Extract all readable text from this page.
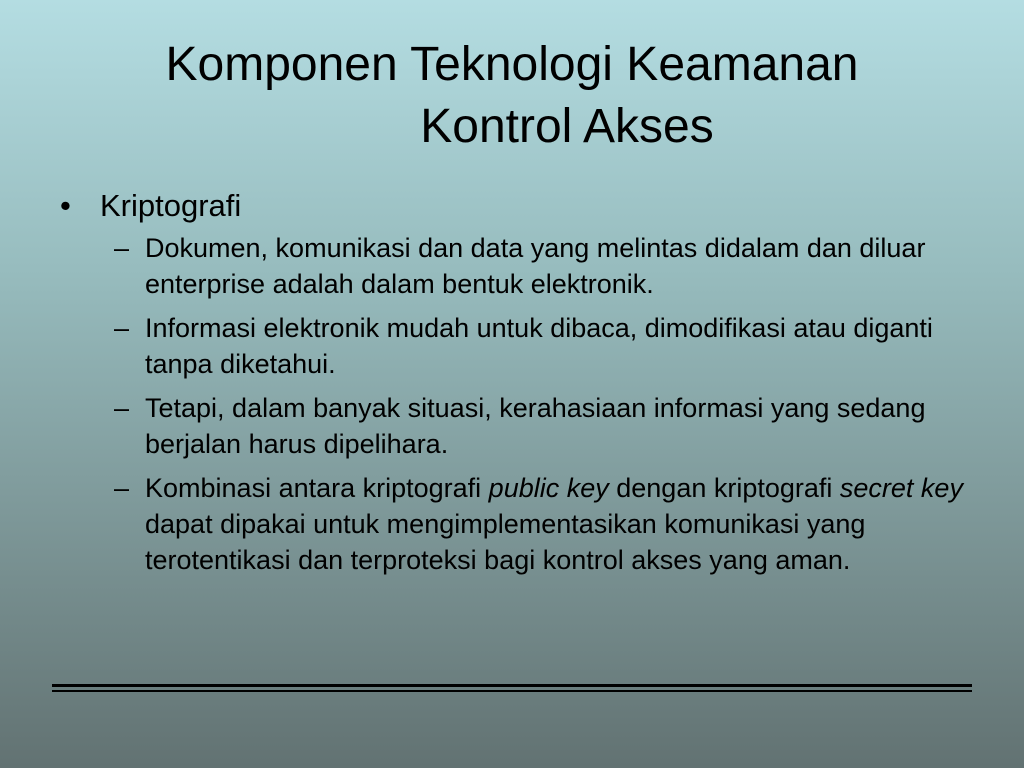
Komponen Teknologi Keamanan
Kontrol Akses
• Kriptografi
– Dokumen, komunikasi dan data yang melintas didalam dan diluar enterprise adalah dalam bentuk elektronik.
– Informasi elektronik mudah untuk dibaca, dimodifikasi atau diganti tanpa diketahui.
– Tetapi, dalam banyak situasi, kerahasiaan informasi yang sedang berjalan harus dipelihara.
– Kombinasi antara kriptografi public key dengan kriptografi secret key dapat dipakai untuk mengimplementasikan komunikasi yang terotentikasi dan terproteksi bagi kontrol akses yang aman.
